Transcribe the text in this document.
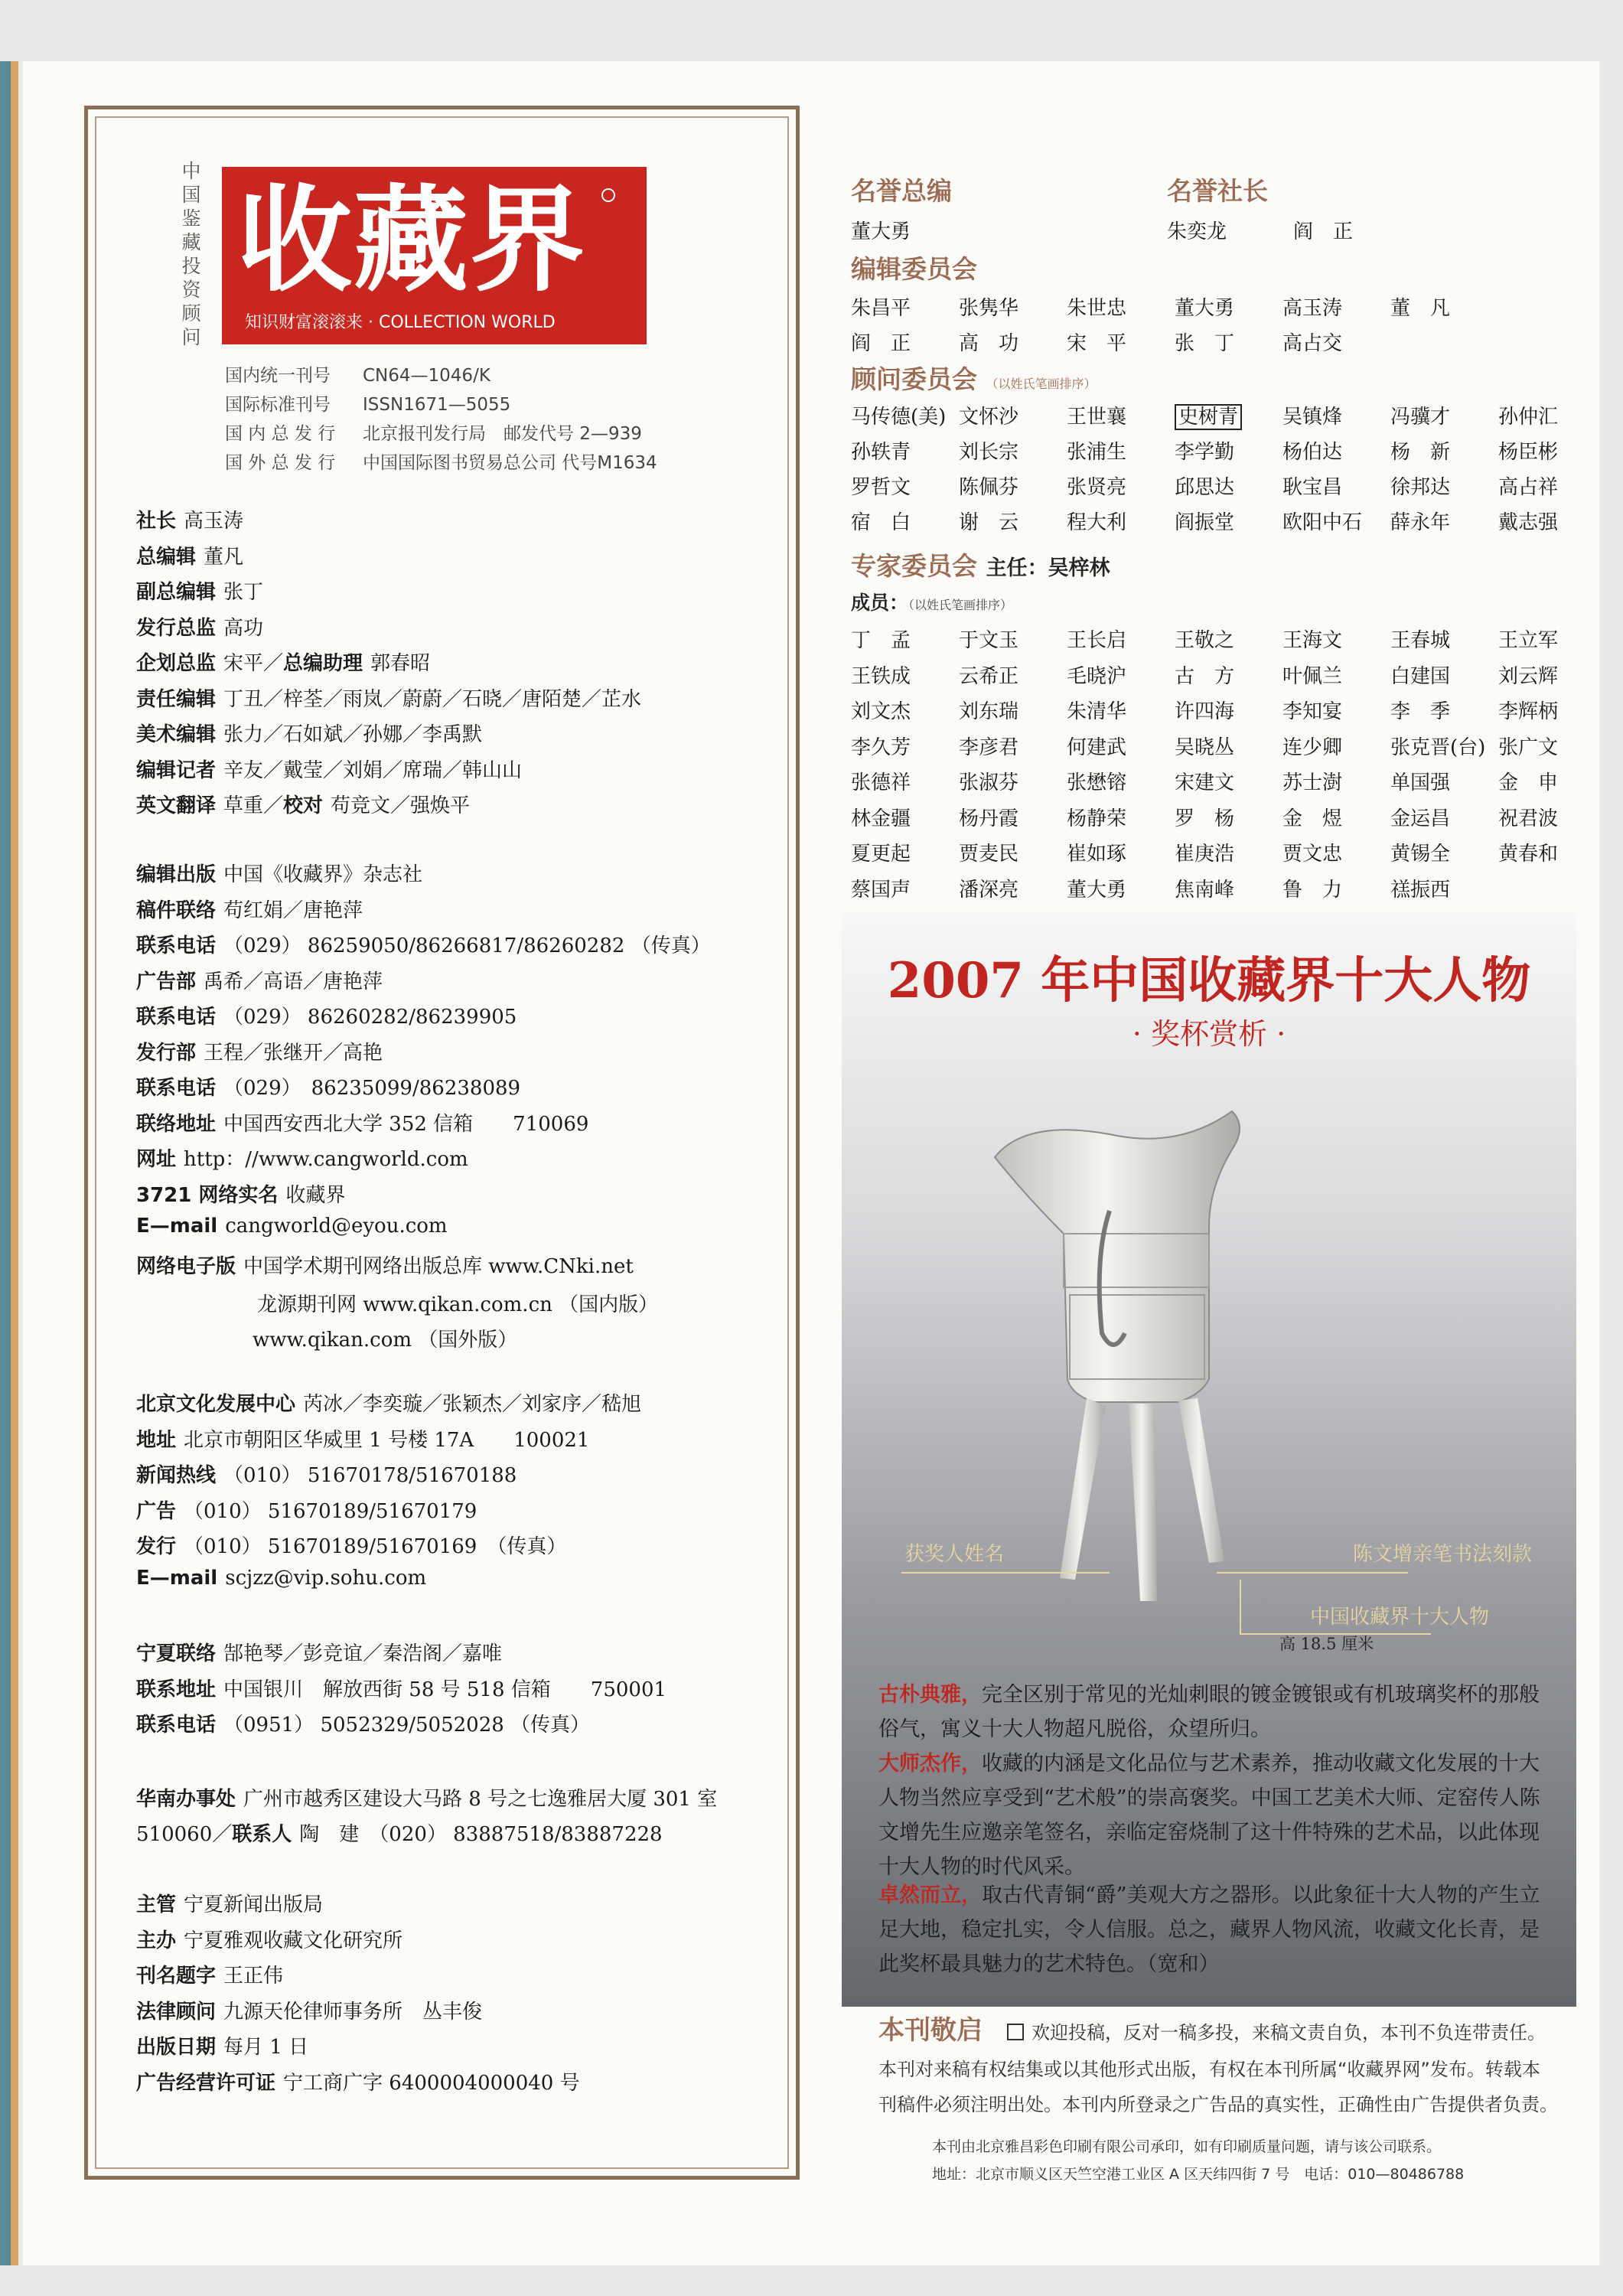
中国鉴藏投资顾问
收藏界
知识财富滚滚来 · COLLECTION WORLD
国内统一刊号 CN64—1046/K
国际标准刊号 ISSN1671—5055
国 内 总 发 行 北京报刊发行局　邮发代号 2—939
国 外 总 发 行 中国国际图书贸易总公司 代号M1634
社长 高玉涛
总编辑 董凡
副总编辑 张丁
发行总监 高功
企划总监 宋平／总编助理 郭春昭
责任编辑 丁丑／梓荃／雨岚／蔚蔚／石晓／唐陌楚／芷水
美术编辑 张力／石如斌／孙娜／李禹默
编辑记者 辛友／戴莹／刘娟／席瑞／韩山山
英文翻译 草重／校对 苟竞文／强焕平
编辑出版 中国《收藏界》杂志社
稿件联络 苟红娟／唐艳萍
联系电话 （029） 86259050/86266817/86260282 （传真）
广告部 禹希／高语／唐艳萍
联系电话 （029） 86260282/86239905
发行部 王程／张继开／高艳
联系电话 （029）　86235099/86238089
联络地址 中国西安西北大学 352 信箱　　710069
网址 http：//www.cangworld.com
3721 网络实名 收藏界
E—mail cangworld@eyou.com
网络电子版 中国学术期刊网络出版总库 www.CNki.net
龙源期刊网 www.qikan.com.cn （国内版）
www.qikan.com （国外版）
北京文化发展中心 芮冰／李奕璇／张颖杰／刘家序／嵇旭
地址 北京市朝阳区华威里 1 号楼 17A　　100021
新闻热线 （010） 51670178/51670188
广告 （010） 51670189/51670179
发行 （010） 51670189/51670169　（传真）
E—mail scjzz@vip.sohu.com
宁夏联络 郜艳琴／彭竞谊／秦浩阁／嘉唯
联系地址 中国银川　解放西街 58 号 518 信箱　　750001
联系电话 （0951） 5052329/5052028 （传真）
华南办事处 广州市越秀区建设大马路 8 号之七逸雅居大厦 301 室
510060／联系人 陶　建　（020） 83887518/83887228
主管 宁夏新闻出版局
主办 宁夏雅观收藏文化研究所
刊名题字 王正伟
法律顾问 九源天伦律师事务所　丛丰俊
出版日期 每月 1 日
广告经营许可证 宁工商广字 6400004000040 号
名誉总编	名誉社长
董大勇	朱奕龙	阎　正
编辑委员会
朱昌平 张隽华 朱世忠 董大勇 高玉涛 董　凡
阎　正 高　功 宋　平 张　丁 高占交
顾问委员会 （以姓氏笔画排序）
马传德(美) 文怀沙 王世襄	史树青 吴镇烽 冯骥才 孙仲汇
孙轶青 刘长宗 张浦生 李学勤 杨伯达 杨　新 杨臣彬
罗哲文 陈佩芬 张贤亮 邱思达 耿宝昌 徐邦达 高占祥
宿　白 谢　云 程大利 阎振堂 欧阳中石 薛永年 戴志强
专家委员会 主任：吴梓林
成员：（以姓氏笔画排序）
丁　孟 于文玉 王长启 王敬之 王海文 王春城 王立军
王铁成 云希正 毛晓沪 古　方 叶佩兰 白建国 刘云辉
刘文杰 刘东瑞 朱清华 许四海 李知宴 李　季 李辉柄
李久芳 李彦君 何建武 吴晓丛 连少卿 张克晋(台) 张广文
张德祥 张淑芬 张懋镕 宋建文 苏士澍 单国强 金　申
林金疆 杨丹霞 杨静荣 罗　杨 金　煜 金运昌 祝君波
夏更起 贾麦民 崔如琢 崔庚浩 贾文忠 黄锡全 黄春和
蔡国声 潘深亮 董大勇 焦南峰 鲁　力 禚振西
2007 年中国收藏界十大人物
· 奖杯赏析 ·
陈文增亲笔书法刻款
获奖人姓名
中国收藏界十大人物
高 18.5 厘米
古朴典雅，完全区别于常见的光灿刺眼的镀金镀银或有机玻璃奖杯的那般俗气，寓义十大人物超凡脱俗，众望所归。
大师杰作，收藏的内涵是文化品位与艺术素养，推动收藏文化发展的十大人物当然应享受到“艺术般”的崇高褒奖。中国工艺美术大师、定窑传人陈文增先生应邀亲笔签名，亲临定窑烧制了这十件特殊的艺术品，以此体现十大人物的时代风采。
卓然而立，取古代青铜“爵”美观大方之器形。以此象征十大人物的产生立足大地，稳定扎实，令人信服。总之，藏界人物风流，收藏文化长青，是此奖杯最具魅力的艺术特色。（宽和）
本刊敬启	欢迎投稿，反对一稿多投，来稿文责自负，本刊不负连带责任。
本刊对来稿有权结集或以其他形式出版，有权在本刊所属“收藏界网”发布。转载本
刊稿件必须注明出处。本刊内所登录之广告品的真实性，正确性由广告提供者负责。
本刊由北京雅昌彩色印刷有限公司承印，如有印刷质量问题，请与该公司联系。
地址：北京市顺义区天竺空港工业区 A 区天纬四街 7 号　电话：010—80486788
